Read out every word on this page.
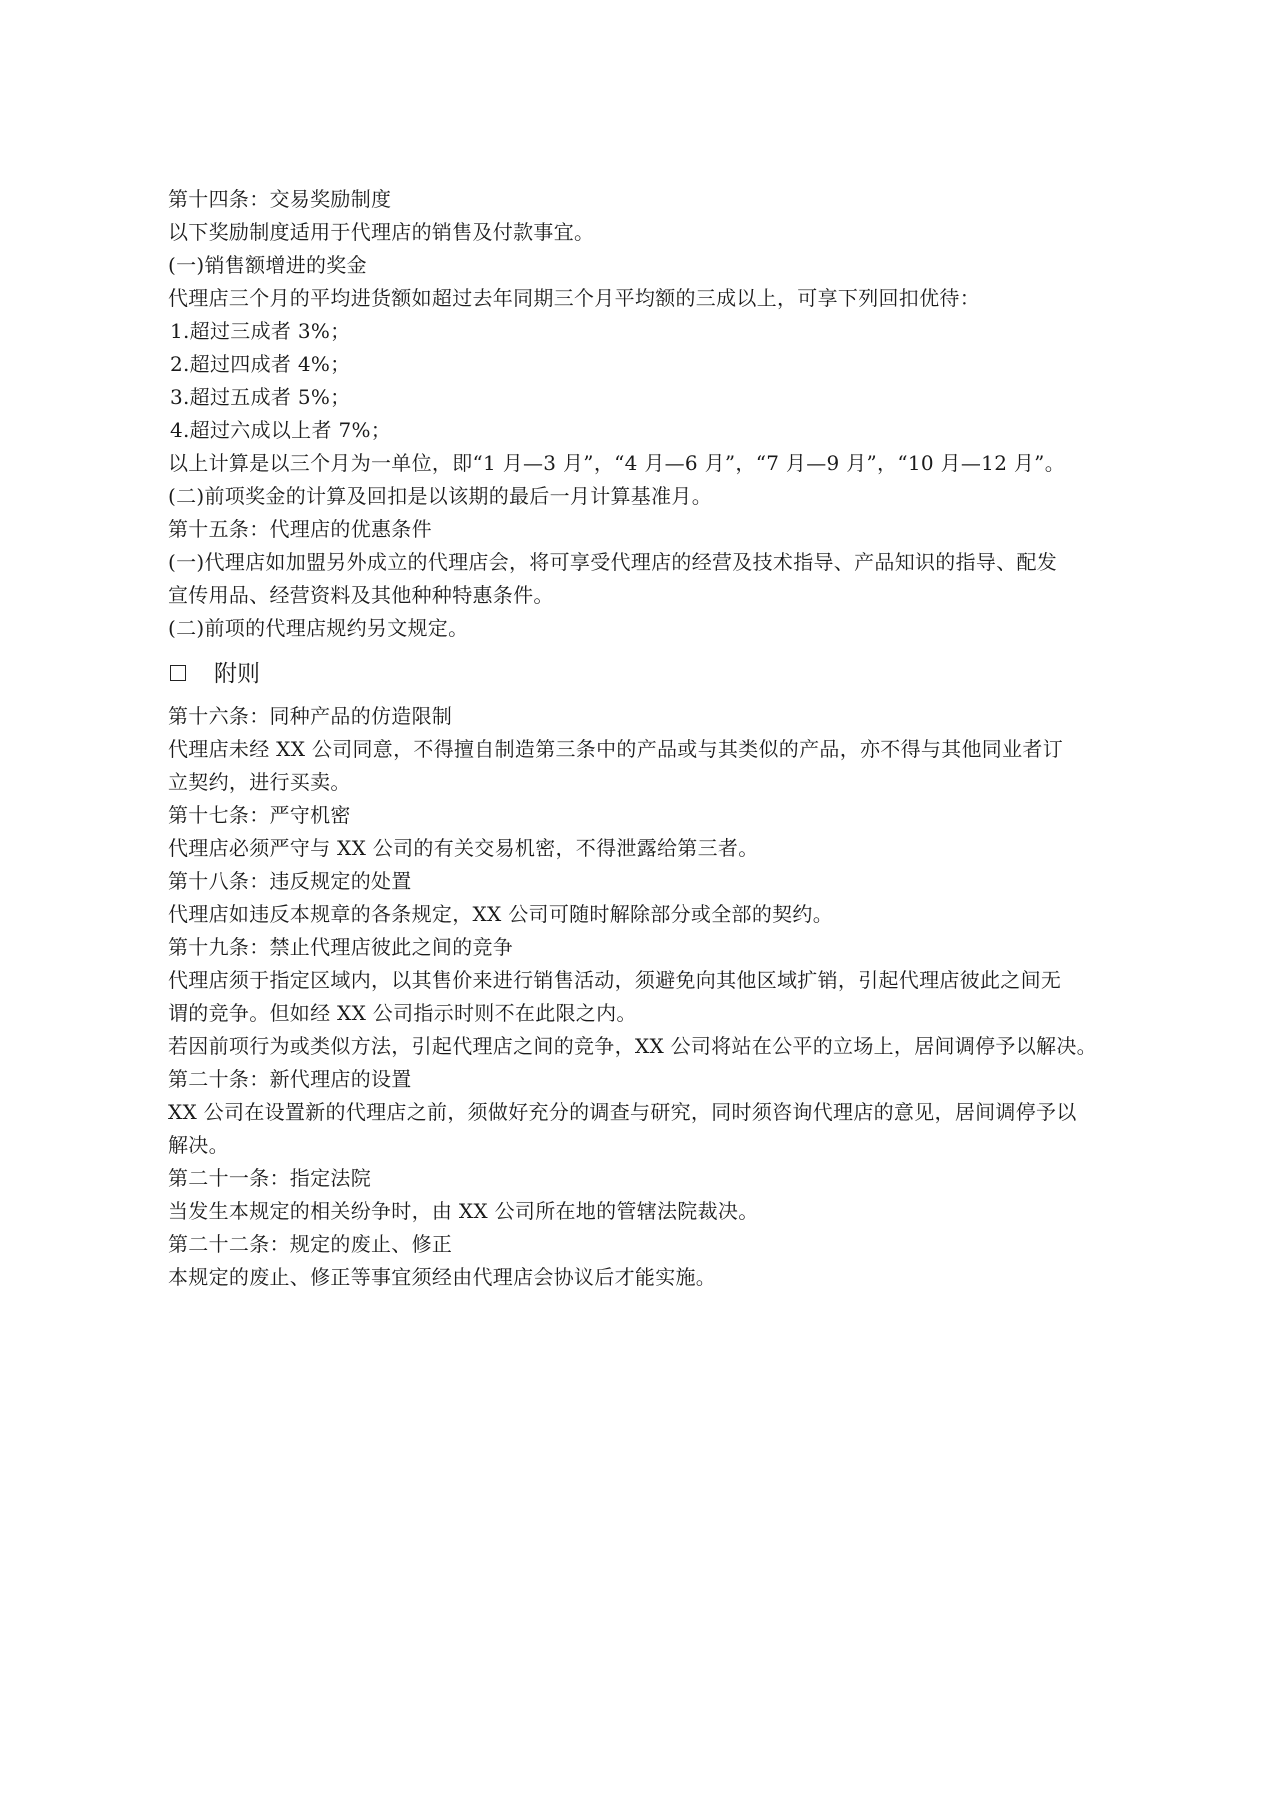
第十四条：交易奖励制度

以下奖励制度适用于代理店的销售及付款事宜。

(一)销售额增进的奖金

代理店三个月的平均进货额如超过去年同期三个月平均额的三成以上，可享下列回扣优待：

1.超过三成者 3%；

2.超过四成者 4%；

3.超过五成者 5%；

4.超过六成以上者 7%；

以上计算是以三个月为一单位，即“1 月—3 月”，“4 月—6 月”，“7 月—9 月”，“10 月—12 月”。

(二)前项奖金的计算及回扣是以该期的最后一月计算基准月。

第十五条：代理店的优惠条件

(一)代理店如加盟另外成立的代理店会，将可享受代理店的经营及技术指导、产品知识的指导、配发

宣传用品、经营资料及其他种种特惠条件。

(二)前项的代理店规约另文规定。

附则

第十六条：同种产品的仿造限制

代理店未经 XX 公司同意，不得擅自制造第三条中的产品或与其类似的产品，亦不得与其他同业者订

立契约，进行买卖。

第十七条：严守机密

代理店必须严守与 XX 公司的有关交易机密，不得泄露给第三者。

第十八条：违反规定的处置

代理店如违反本规章的各条规定，XX 公司可随时解除部分或全部的契约。

第十九条：禁止代理店彼此之间的竞争

代理店须于指定区域内，以其售价来进行销售活动，须避免向其他区域扩销，引起代理店彼此之间无

谓的竞争。但如经 XX 公司指示时则不在此限之内。

若因前项行为或类似方法，引起代理店之间的竞争，XX 公司将站在公平的立场上，居间调停予以解决。

第二十条：新代理店的设置

XX 公司在设置新的代理店之前，须做好充分的调查与研究，同时须咨询代理店的意见，居间调停予以

解决。

第二十一条：指定法院

当发生本规定的相关纷争时，由 XX 公司所在地的管辖法院裁决。

第二十二条：规定的废止、修正

本规定的废止、修正等事宜须经由代理店会协议后才能实施。
